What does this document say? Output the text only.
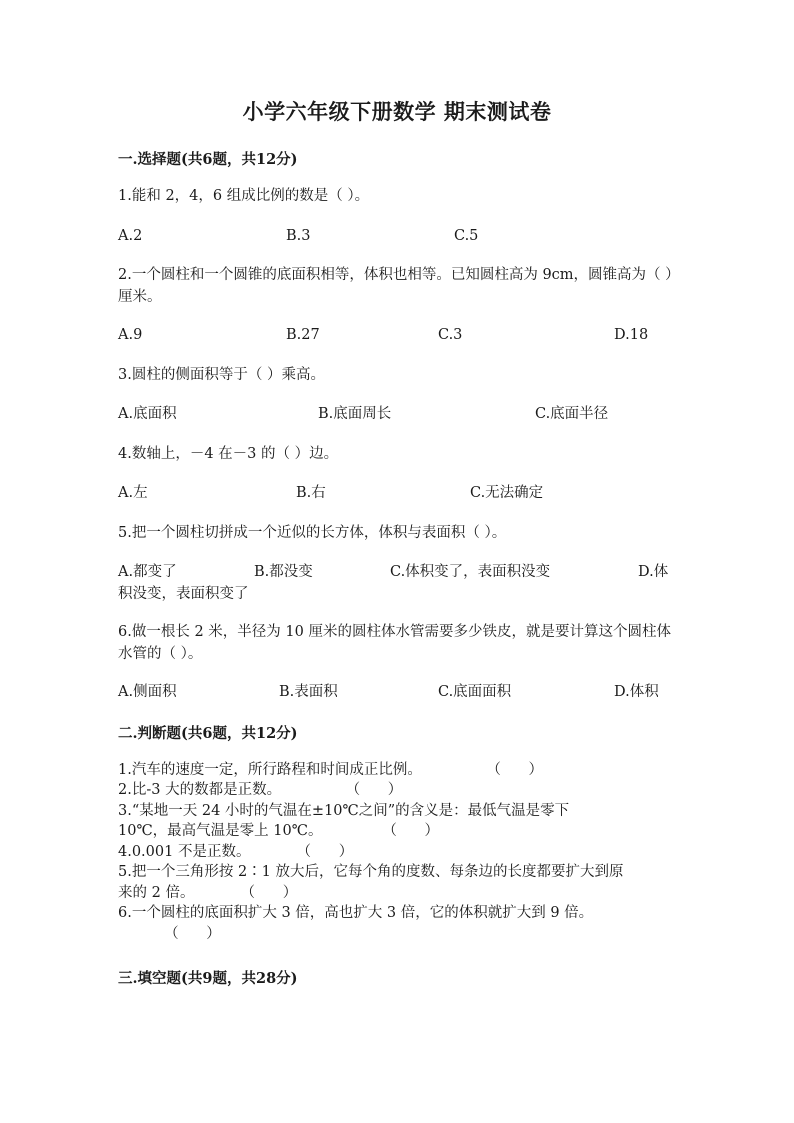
小学六年级下册数学 期末测试卷
一.选择题(共6题，共12分)
1.能和 2，4，6 组成比例的数是（ ）。
A.2	B.3	C.5
2.一个圆柱和一个圆锥的底面积相等，体积也相等。已知圆柱高为 9cm，圆锥高为（ ）厘米。
A.9	B.27	C.3	D.18
3.圆柱的侧面积等于（ ）乘高。
A.底面积	B.底面周长	C.底面半径
4.数轴上，－4 在－3 的（ ）边。
A.左	B.右	C.无法确定
5.把一个圆柱切拼成一个近似的长方体，体积与表面积（ ）。
A.都变了	B.都没变	C.体积变了，表面积没变	D.体积没变，表面积变了
6.做一根长 2 米，半径为 10 厘米的圆柱体水管需要多少铁皮，就是要计算这个圆柱体水管的（ ）。
A.侧面积	B.表面积	C.底面面积	D.体积
二.判断题(共6题，共12分)
1.汽车的速度一定，所行路程和时间成正比例。              （      ）
2.比-3 大的数都是正数。              （      ）
3.“某地一天 24 小时的气温在±10℃之间”的含义是：最低气温是零下
10℃，最高气温是零上 10℃。             （      ）
4.0.001 不是正数。          （      ）
5.把一个三角形按 2∶1 放大后，它每个角的度数、每条边的长度都要扩大到原
来的 2 倍。          （      ）
6.一个圆柱的底面积扩大 3 倍，高也扩大 3 倍，它的体积就扩大到 9 倍。
（      ）
三.填空题(共9题，共28分)
